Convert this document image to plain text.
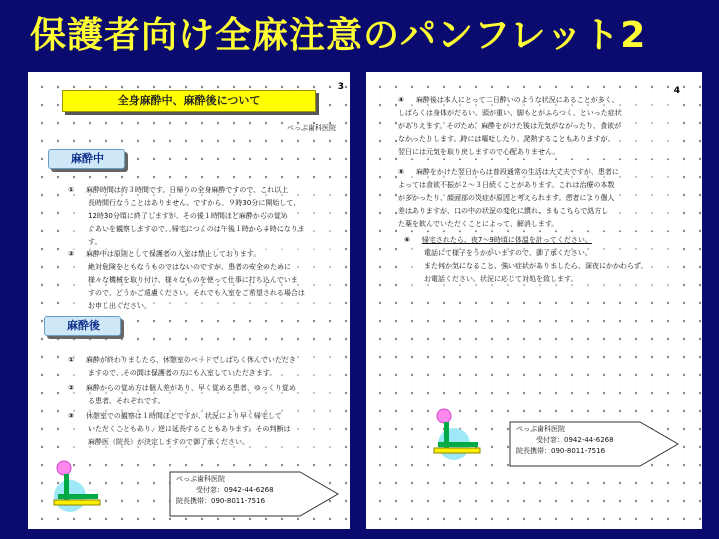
保護者向け全麻注意のパンフレット2
3
全身麻酔中、麻酔後について
ベっぷ歯科医院
麻酔中
① 麻酔時間は約３時間です。日帰りの全身麻酔ですので、これ以上
長時間行なうことはありません。ですから、９時30分に開始して、
12時30分頃に終了しますが、その後１時間ほど麻酔からの覚め
ぐあいを観察しますので、帰宅につくのは午後１時から４時になりま
す。
② 麻酔中は原則として保護者の入室は禁止しております。
絶対危険をともなうものではないのですが、患者の安全のために
様々な機械を取り付け、様々なものを使って仕事に打ち込んでいま
すので、どうかご遠慮ください。それでも入室をご希望される場合は
お申し出ください。
麻酔後
① 麻酔が終わりましたら、休憩室のベッドでしばらく休んでいただき
ますので、その間は保護者の方にも入室していただきます。
② 麻酔からの覚め方は個人差があり、早く覚める患者、ゆっくり覚め
る患者、それぞれです。
③ 休憩室での観察は１時間ほどですが、状況により早く帰宅して
いただくこともあり、逆に延長することもあります。その判断は
麻酔医（院長）が決定しますので御了承ください。
べっぷ歯科医院
受付窓：0942-44-6268
院長携帯：090-8011-7516
4
④ 麻酔後は本人にとって二日酔いのような状況にあることが多く、
しばらくは身体がだるい、頭が重い、脚もとがふらつく、といった症状
がありえます。そのため、麻酔をかけた後は元気がなかったり、食欲が
なかったりします。時には嘔吐したり、発熱することもありますが、
翌日には元気を取り戻しますので心配ありません。
⑤ 麻酔をかけた翌日からは普段通常の生活は大丈夫ですが、患者に
よっては食欲不振が２～３日続くことがあります。これは治療の本数
が多かったり、顔面部の炎症が原因と考えられます。患者により個人
差はありますが、口の中の状況の変化に慣れ、まもこちらで処方し
た薬を飲んでいただくことによって、解消します。
⑥ 帰宅されたら、夜7～9時頃に体温を計ってください。
電話にて様子をうかがいますので、御了承ください。
また何か気になること、強い症状がありましたら、深夜にかかわらず、
お電話ください。状況に応じて対処を致します。
べっぷ歯科医院
受付窓：0942-44-6268
院長携帯：090-8011-7516
